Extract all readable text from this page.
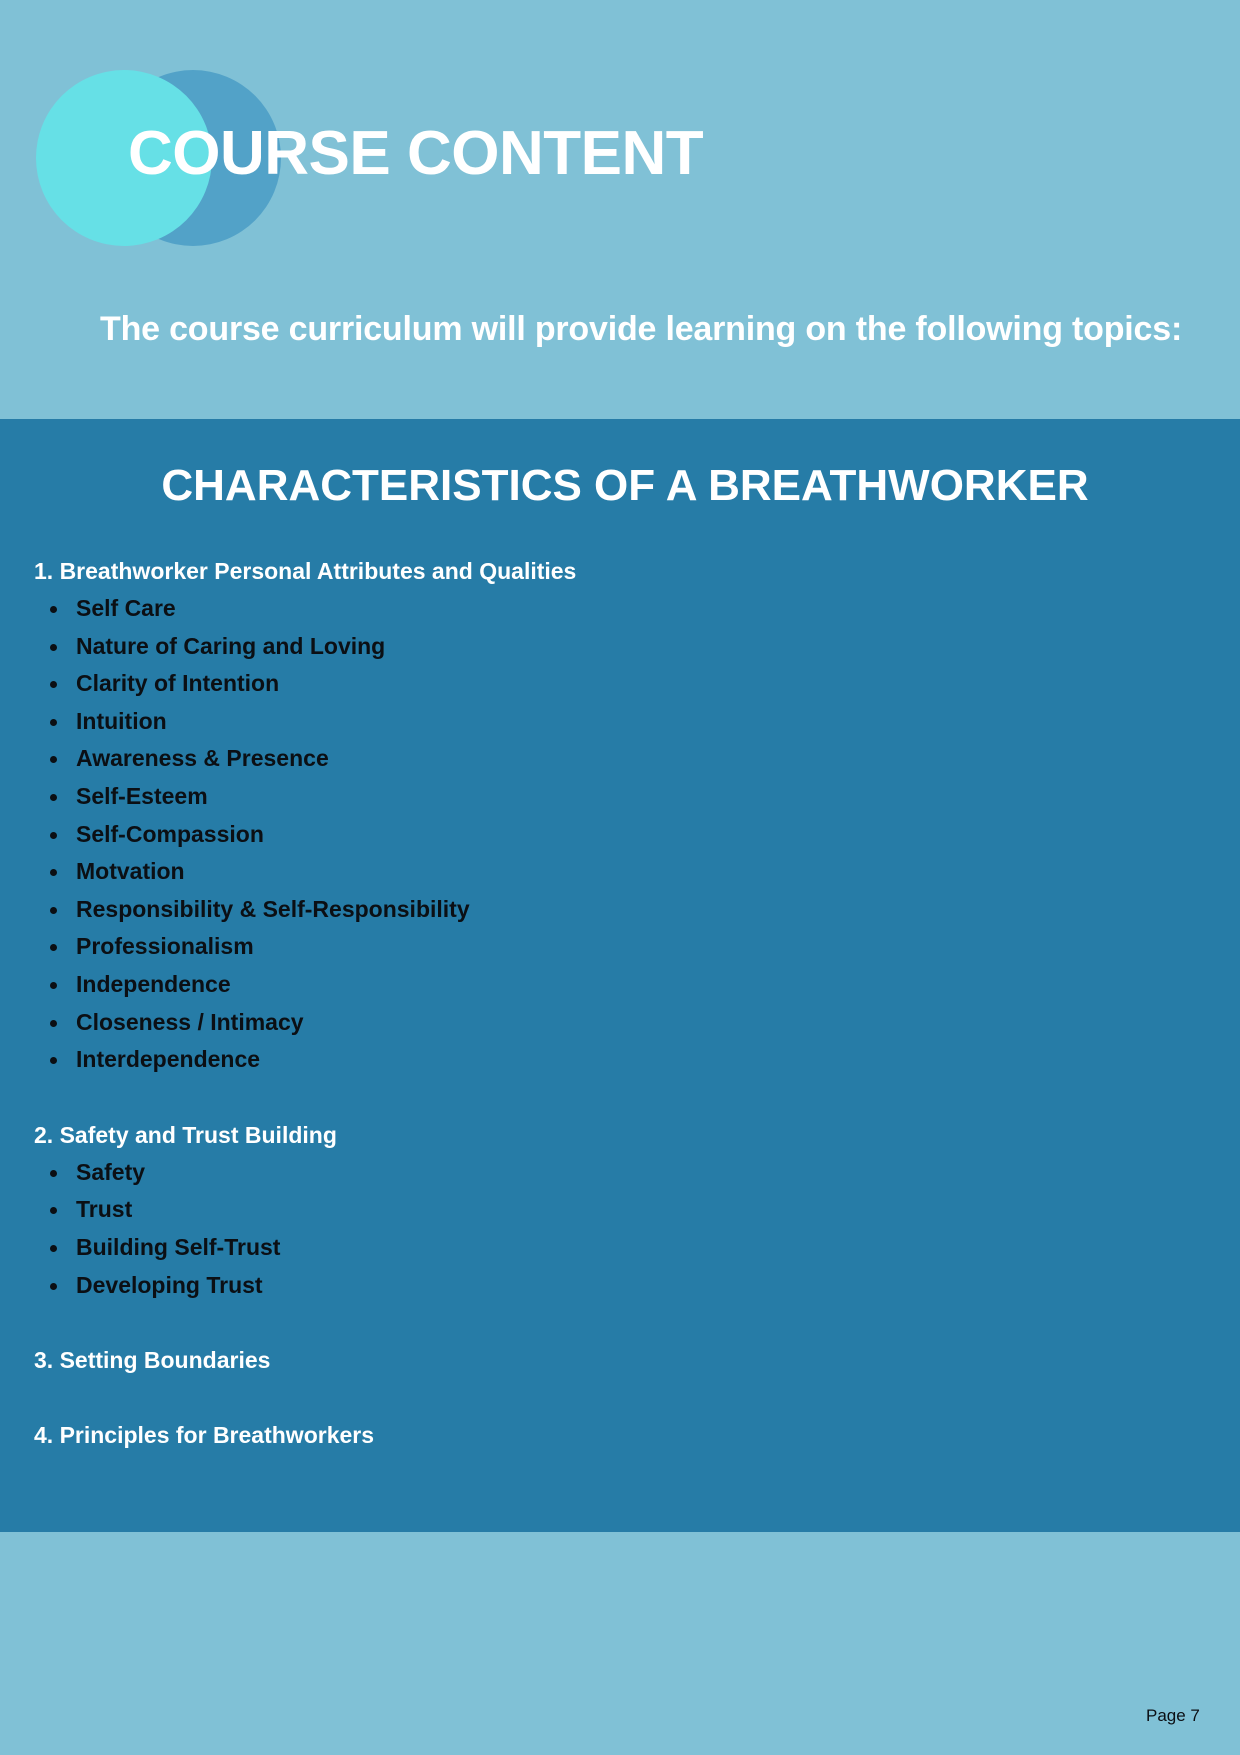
COURSE CONTENT

The course curriculum will provide learning on the following topics:

CHARACTERISTICS OF A BREATHWORKER
1. Breathworker Personal Attributes and Qualities
Self Care
Nature of Caring and Loving
Clarity of Intention
Intuition
Awareness & Presence
Self-Esteem
Self-Compassion
Motvation
Responsibility & Self-Responsibility
Professionalism
Independence
Closeness / Intimacy
Interdependence
2. Safety and Trust Building
Safety
Trust
Building Self-Trust
Developing Trust
3. Setting Boundaries
4. Principles for Breathworkers
Page 7
